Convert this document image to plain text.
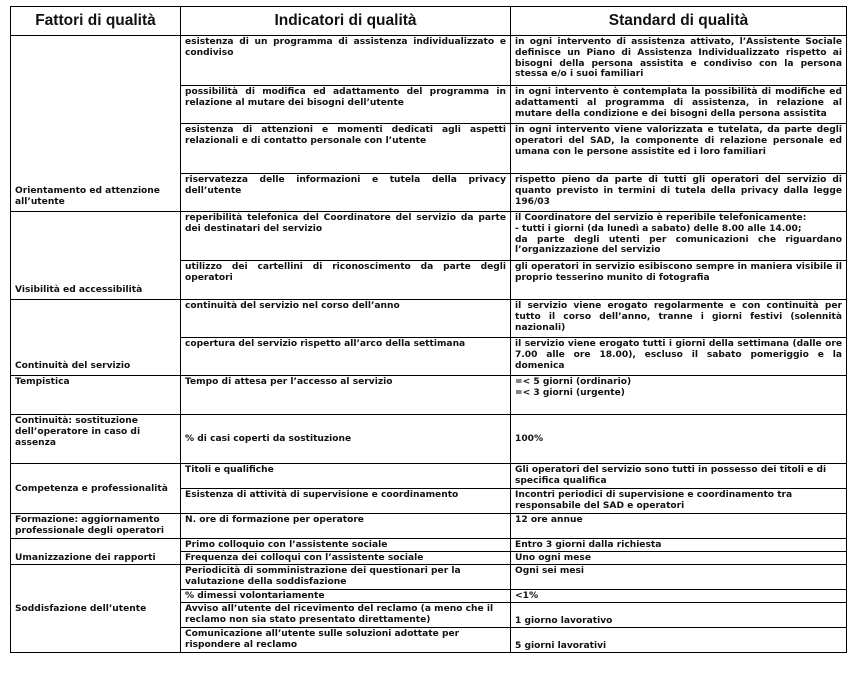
Fattori di qualità	Indicatori di qualità	Standard di qualità
Orientamento ed attenzione all’utente	esistenza di un programma di assistenza individualizzato e condiviso	in ogni intervento di assistenza attivato, l’Assistente Sociale definisce un Piano di Assistenza Individualizzato rispetto ai bisogni della persona assistita e condiviso con la persona stessa e/o i suoi familiari
	possibilità di modifica ed adattamento del programma in relazione al mutare dei bisogni dell’utente	in ogni intervento è contemplata la possibilità di modifiche ed adattamenti al programma di assistenza, in relazione al mutare della condizione e dei bisogni della persona assistita
	esistenza di attenzioni e momenti dedicati agli aspetti relazionali e di contatto personale con l’utente	in ogni intervento viene valorizzata e tutelata, da parte degli operatori del SAD, la componente di relazione personale ed umana con le persone assistite ed i loro familiari
	riservatezza delle informazioni e tutela della privacy dell’utente	rispetto pieno da parte di tutti gli operatori del servizio di quanto previsto in termini di tutela della privacy dalla legge 196/03
Visibilità ed accessibilità	reperibilità telefonica del Coordinatore del servizio da parte dei destinatari del servizio	il Coordinatore del servizio è reperibile telefonicamente:
- tutti i giorni (da lunedì a sabato) delle 8.00 alle 14.00;
da parte degli utenti per comunicazioni che riguardano l’organizzazione del servizio
	utilizzo dei cartellini di riconoscimento da parte degli operatori	gli operatori in servizio esibiscono sempre in maniera visibile il proprio tesserino munito di fotografia
Continuità del servizio	continuità del servizio nel corso dell’anno	il servizio viene erogato regolarmente e con continuità per tutto il corso dell’anno, tranne i giorni festivi (solennità nazionali)
	copertura del servizio rispetto all’arco della settimana	il servizio viene erogato tutti i giorni della settimana (dalle ore 7.00 alle ore 18.00), escluso il sabato pomeriggio e la domenica
Tempistica	Tempo di attesa per l’accesso al servizio	=< 5 giorni (ordinario)
=< 3 giorni (urgente)
Continuità: sostituzione dell’operatore in caso di assenza	% di casi coperti da sostituzione	100%
Competenza e professionalità	Titoli e qualifiche	Gli operatori del servizio sono tutti in possesso dei titoli e di specifica qualifica
	Esistenza di attività di supervisione e coordinamento	Incontri periodici di supervisione e coordinamento tra responsabile del SAD e operatori
Formazione: aggiornamento professionale degli operatori	N. ore di formazione per operatore	12 ore annue
Umanizzazione dei rapporti	Primo colloquio con l’assistente sociale	Entro 3 giorni dalla richiesta
	Frequenza dei colloqui con l’assistente sociale	Uno ogni mese
Soddisfazione dell’utente	Periodicità di somministrazione dei questionari per la valutazione della soddisfazione	Ogni sei mesi
	% dimessi volontariamente	<1%
	Avviso all’utente del ricevimento del reclamo (a meno che il reclamo non sia stato presentato direttamente)	1 giorno lavorativo
	Comunicazione all’utente sulle soluzioni adottate per rispondere al reclamo	5 giorni lavorativi
